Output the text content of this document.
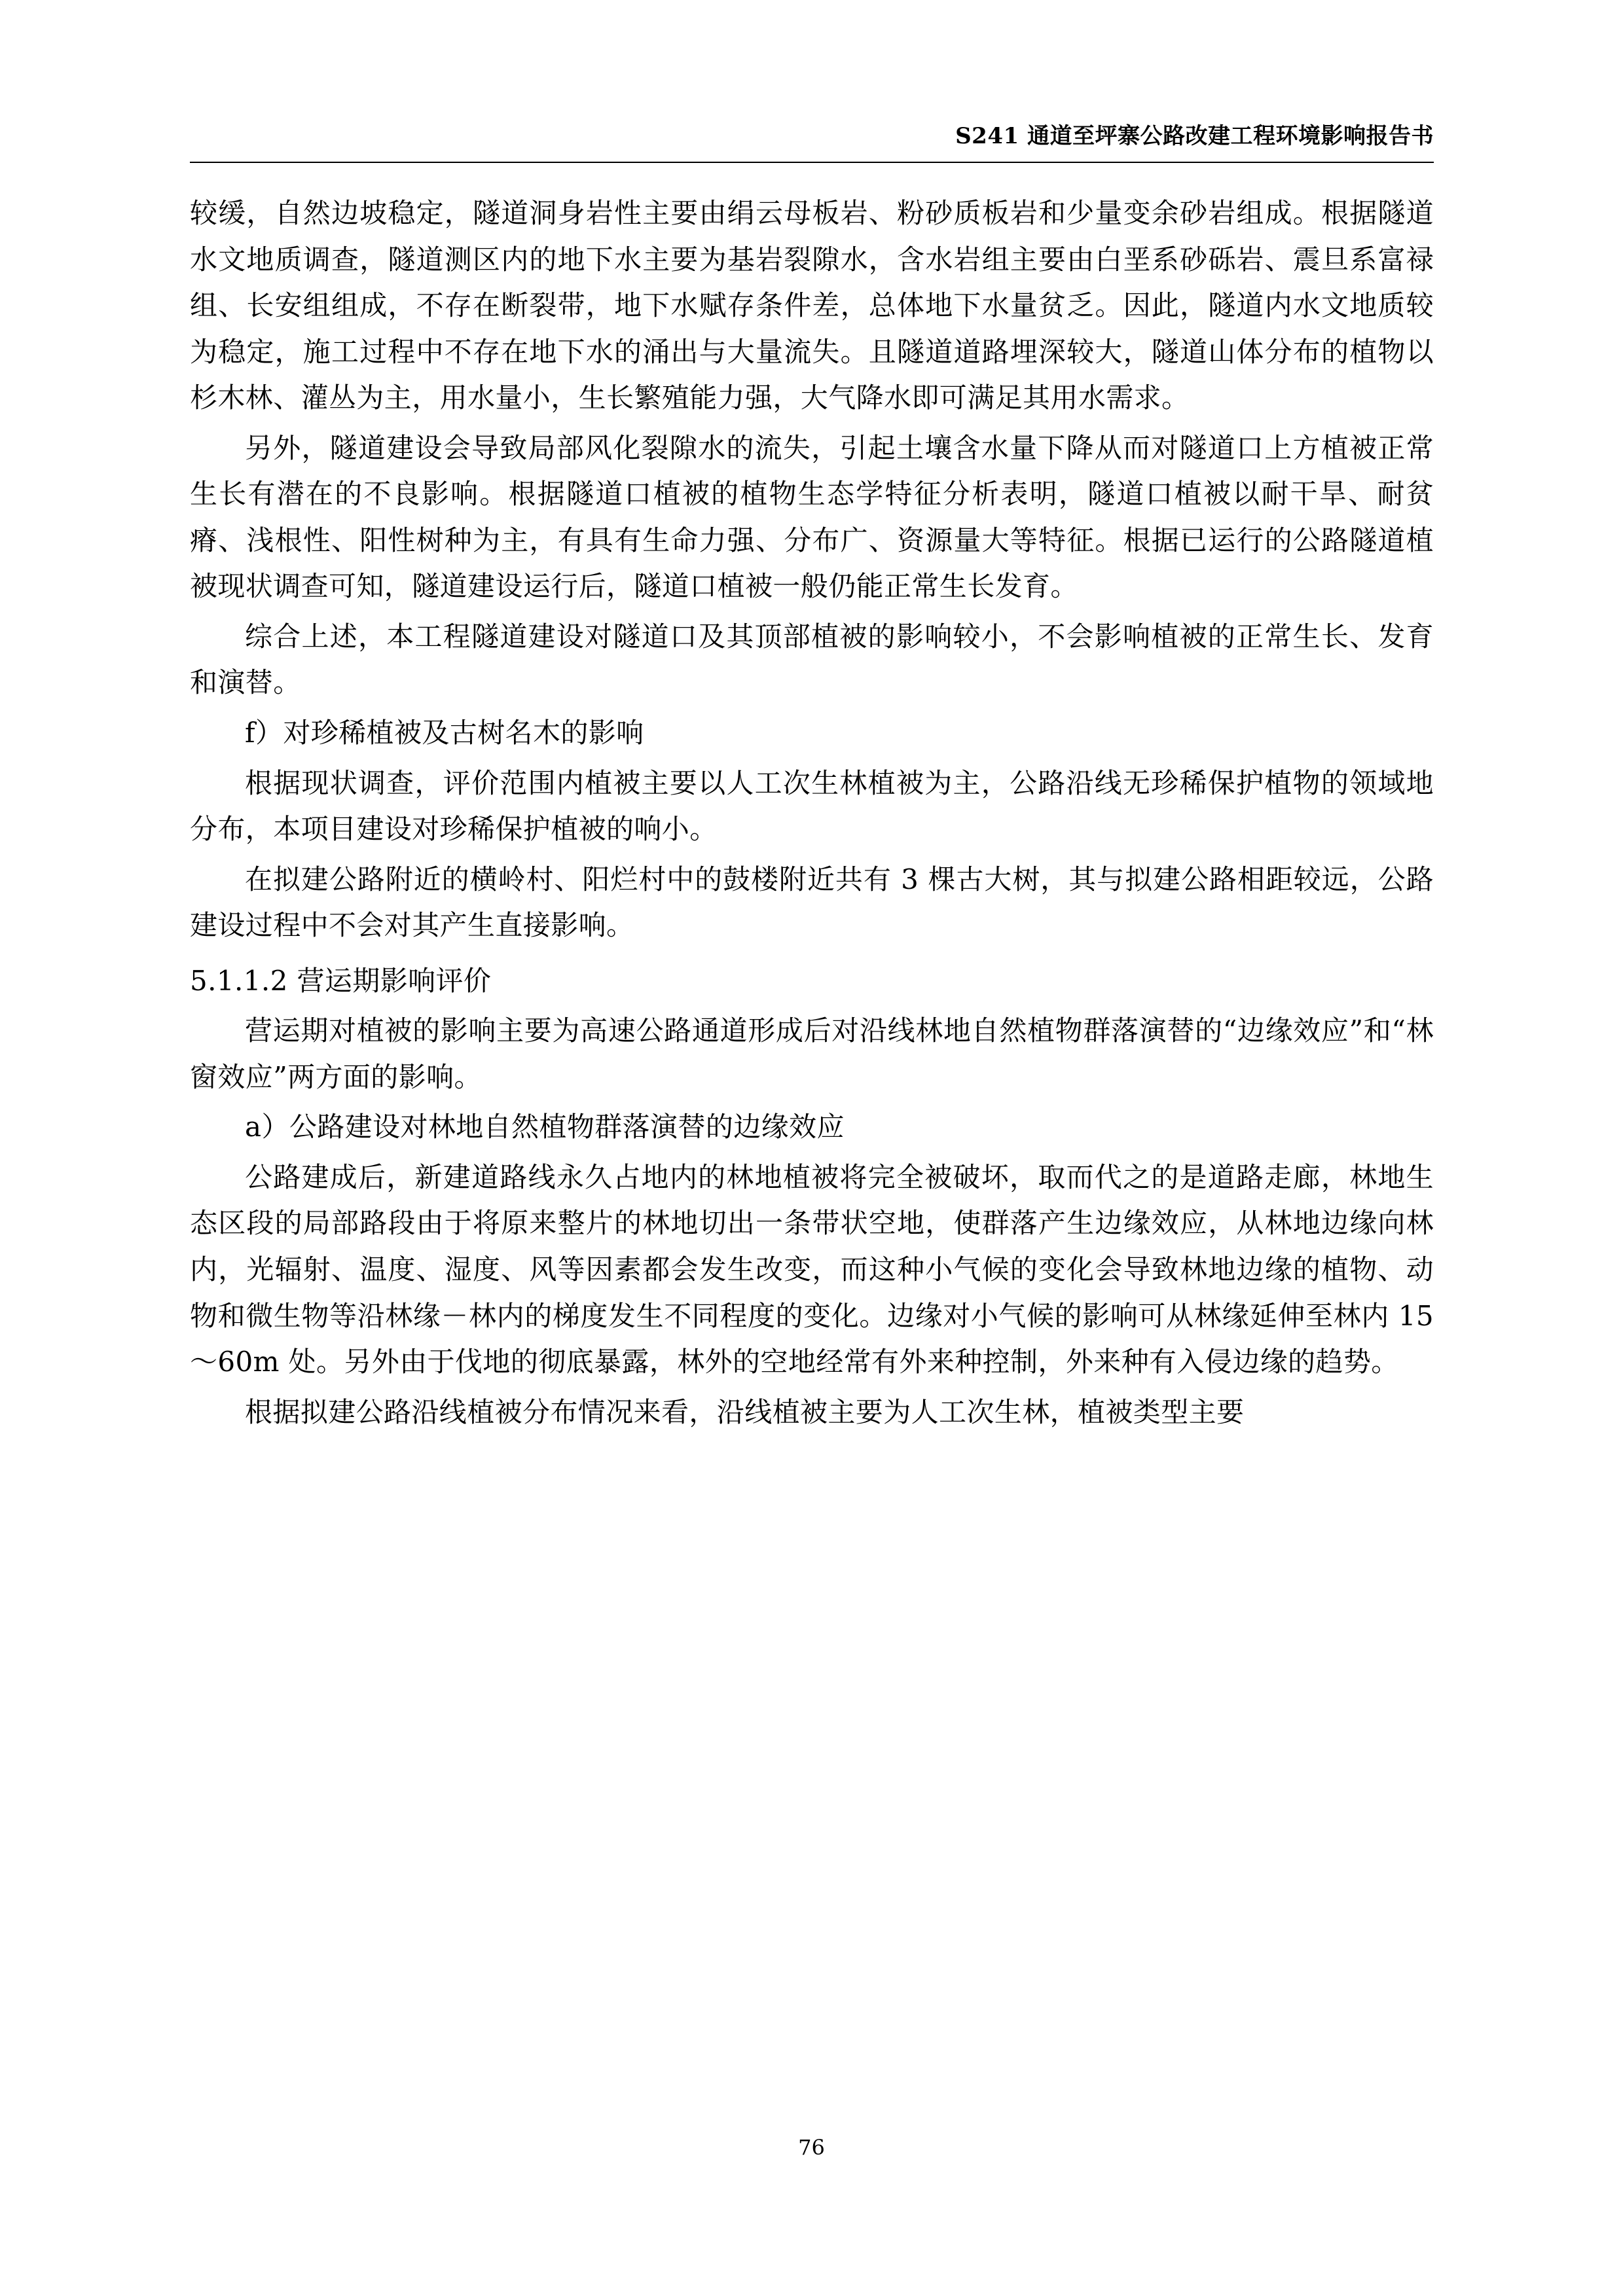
S241 通道至坪寨公路改建工程环境影响报告书

较缓，自然边坡稳定，隧道洞身岩性主要由绢云母板岩、粉砂质板岩和少量变余砂岩组成。根据隧道水文地质调查，隧道测区内的地下水主要为基岩裂隙水，含水岩组主要由白垩系砂砾岩、震旦系富禄组、长安组组成，不存在断裂带，地下水赋存条件差，总体地下水量贫乏。因此，隧道内水文地质较为稳定，施工过程中不存在地下水的涌出与大量流失。且隧道道路埋深较大，隧道山体分布的植物以杉木林、灌丛为主，用水量小，生长繁殖能力强，大气降水即可满足其用水需求。

另外，隧道建设会导致局部风化裂隙水的流失，引起土壤含水量下降从而对隧道口上方植被正常生长有潜在的不良影响。根据隧道口植被的植物生态学特征分析表明，隧道口植被以耐干旱、耐贫瘠、浅根性、阳性树种为主，有具有生命力强、分布广、资源量大等特征。根据已运行的公路隧道植被现状调查可知，隧道建设运行后，隧道口植被一般仍能正常生长发育。

综合上述，本工程隧道建设对隧道口及其顶部植被的影响较小，不会影响植被的正常生长、发育和演替。

f）对珍稀植被及古树名木的影响

根据现状调查，评价范围内植被主要以人工次生林植被为主，公路沿线无珍稀保护植物的领域地分布，本项目建设对珍稀保护植被的响小。

在拟建公路附近的横岭村、阳烂村中的鼓楼附近共有 3 棵古大树，其与拟建公路相距较远，公路建设过程中不会对其产生直接影响。

5.1.1.2 营运期影响评价

营运期对植被的影响主要为高速公路通道形成后对沿线林地自然植物群落演替的“边缘效应”和“林窗效应”两方面的影响。

a）公路建设对林地自然植物群落演替的边缘效应

公路建成后，新建道路线永久占地内的林地植被将完全被破坏，取而代之的是道路走廊，林地生态区段的局部路段由于将原来整片的林地切出一条带状空地，使群落产生边缘效应，从林地边缘向林内，光辐射、温度、湿度、风等因素都会发生改变，而这种小气候的变化会导致林地边缘的植物、动物和微生物等沿林缘－林内的梯度发生不同程度的变化。边缘对小气候的影响可从林缘延伸至林内 15～60m 处。另外由于伐地的彻底暴露，林外的空地经常有外来种控制，外来种有入侵边缘的趋势。

根据拟建公路沿线植被分布情况来看，沿线植被主要为人工次生林，植被类型主要

76
